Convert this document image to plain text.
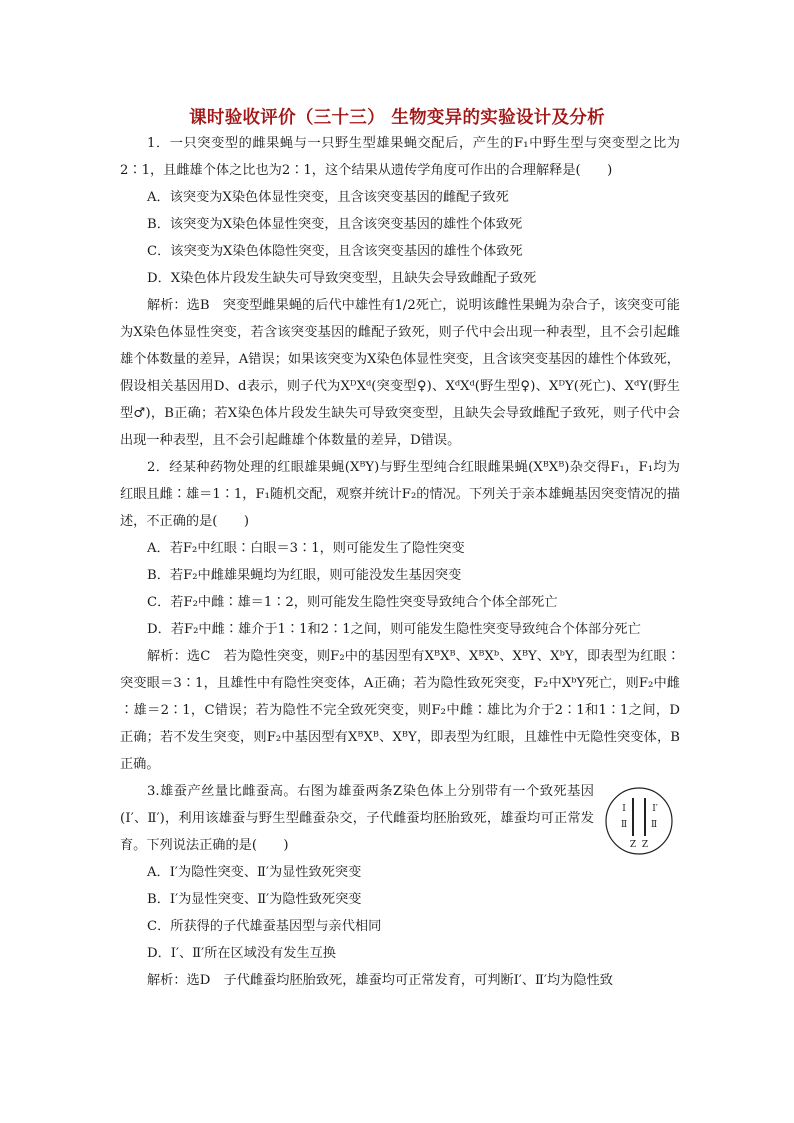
课时验收评价（三十三） 生物变异的实验设计及分析

1．一只突变型的雌果蝇与一只野生型雄果蝇交配后，产生的F₁中野生型与突变型之比为2∶1，且雌雄个体之比也为2∶1，这个结果从遗传学角度可作出的合理解释是(　　)

A．该突变为X染色体显性突变，且含该突变基因的雌配子致死

B．该突变为X染色体显性突变，且含该突变基因的雄性个体致死

C．该突变为X染色体隐性突变，且含该突变基因的雄性个体致死

D．X染色体片段发生缺失可导致突变型，且缺失会导致雌配子致死

解析：选B　突变型雌果蝇的后代中雄性有1/2死亡，说明该雌性果蝇为杂合子，该突变可能为X染色体显性突变，若含该突变基因的雌配子致死，则子代中会出现一种表型，且不会引起雌雄个体数量的差异，A错误；如果该突变为X染色体显性突变，且含该突变基因的雄性个体致死，假设相关基因用D、d表示，则子代为XᴰXᵈ(突变型♀)、XᵈXᵈ(野生型♀)、XᴰY(死亡)、XᵈY(野生型♂)，B正确；若X染色体片段发生缺失可导致突变型，且缺失会导致雌配子致死，则子代中会出现一种表型，且不会引起雌雄个体数量的差异，D错误。

2．经某种药物处理的红眼雄果蝇(XᴮY)与野生型纯合红眼雌果蝇(XᴮXᴮ)杂交得F₁，F₁均为红眼且雌∶雄＝1∶1，F₁随机交配，观察并统计F₂的情况。下列关于亲本雄蝇基因突变情况的描述，不正确的是(　　)

A．若F₂中红眼∶白眼＝3∶1，则可能发生了隐性突变

B．若F₂中雌雄果蝇均为红眼，则可能没发生基因突变

C．若F₂中雌∶雄＝1∶2，则可能发生隐性突变导致纯合个体全部死亡

D．若F₂中雌∶雄介于1∶1和2∶1之间，则可能发生隐性突变导致纯合个体部分死亡

解析：选C　若为隐性突变，则F₂中的基因型有XᴮXᴮ、XᴮXᵇ、XᴮY、XᵇY，即表型为红眼∶突变眼＝3∶1，且雄性中有隐性突变体，A正确；若为隐性致死突变，F₂中XᵇY死亡，则F₂中雌∶雄＝2∶1，C错误；若为隐性不完全致死突变，则F₂中雌∶雄比为介于2∶1和1∶1之间，D正确；若不发生突变，则F₂中基因型有XᴮXᴮ、XᴮY，即表型为红眼，且雄性中无隐性突变体，B正确。

3.雄蚕产丝量比雌蚕高。右图为雄蚕两条Z染色体上分别带有一个致死基因(Ⅰ′、Ⅱ′)，利用该雄蚕与野生型雌蚕杂交，子代雌蚕均胚胎致死，雄蚕均可正常发育。下列说法正确的是(　　)

Ⅰ
Ⅱ
Ⅰ′
Ⅱ
Z Z

A．Ⅰ′为隐性突变、Ⅱ′为显性致死突变

B．Ⅰ′为显性突变、Ⅱ′为隐性致死突变

C．所获得的子代雄蚕基因型与亲代相同

D．Ⅰ′、Ⅱ′所在区域没有发生互换

解析：选D　子代雌蚕均胚胎致死，雄蚕均可正常发育，可判断Ⅰ′、Ⅱ′均为隐性致
